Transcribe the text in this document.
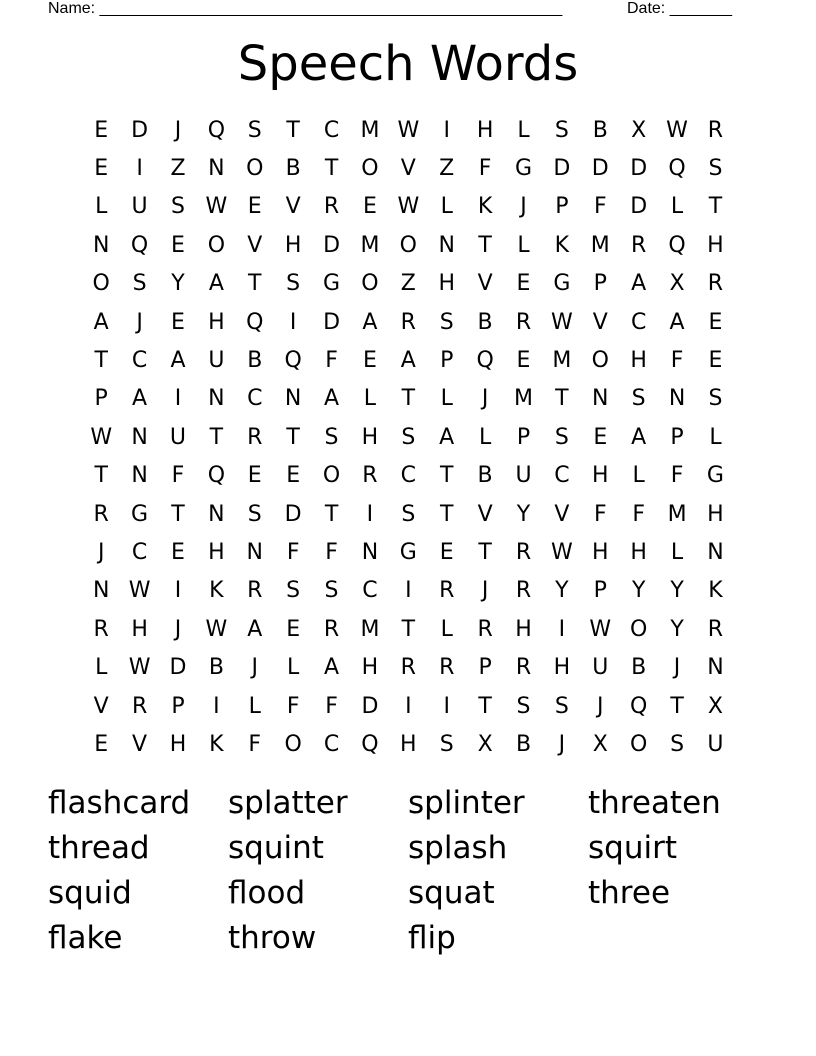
Name: ____________________________________________________	Date: _______
Speech Words
E	D	J	Q	S	T	C M W	I	H	L	S	B	X W R
E	I	Z	N O	B	T	O	V	Z	F	G D D D Q	S
L	U	S W E	V	R	E W L	K	J	P	F	D	L	T
N Q	E	O	V	H D M O N	T	L	K M R	Q H
O	S	Y	A	T	S	G O	Z	H	V	E	G	P	A	X	R
A	J	E	H Q	I	D	A	R	S	B	R W V	C	A	E
T	C	A	U	B	Q	F	E	A	P	Q	E M O H	F	E
P	A	I	N	C	N	A	L	T	L	J	M	T	N	S	N	S
W N	U	T	R	T	S	H	S	A	L	P	S	E	A	P	L
T	N	F	Q	E	E	O	R	C	T	B	U	C	H	L	F	G
R	G	T	N	S	D	T	I	S	T	V	Y	V	F	F	M H
J	C	E	H N	F	F	N G	E	T	R W H H	L	N
N W	I	K	R	S	S	C	I	R	J	R	Y	P	Y	Y	K
R	H	J	W A	E	R M	T	L	R	H	I	W O	Y	R
L W D	B	J	L	A	H	R	R	P	R	H	U	B	J	N
V	R	P	I	L	F	F	D	I	I	T	S	S	J	Q	T	X
E	V	H	K	F	O	C	Q H	S	X	B	J	X	O	S	U
flashcard	splatter	splinter	threaten
thread	squint	splash	squirt
squid	flood	squat	three
flake	throw	flip
